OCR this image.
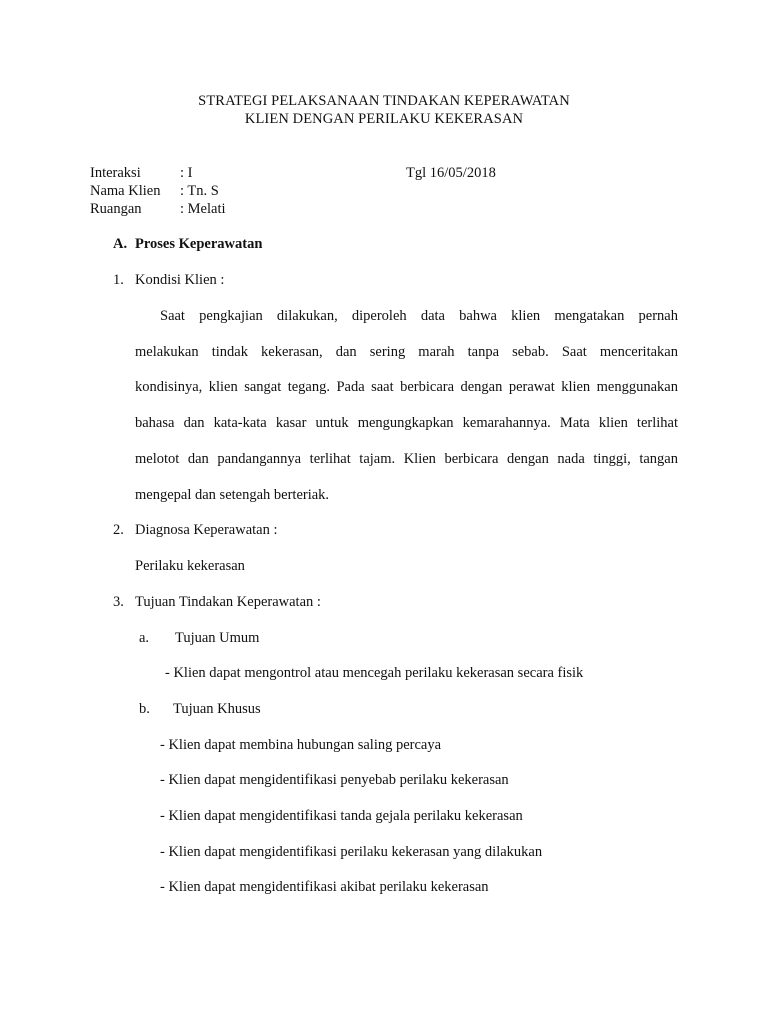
STRATEGI PELAKSANAAN TINDAKAN KEPERAWATAN
KLIEN DENGAN PERILAKU KEKERASAN
Interaksi	: I	Tgl 16/05/2018
Nama Klien : Tn. S
Ruangan	: Melati
A. Proses Keperawatan
1. Kondisi Klien :
Saat pengkajian dilakukan, diperoleh data bahwa klien mengatakan pernah
melakukan tindak kekerasan, dan sering marah tanpa sebab. Saat menceritakan
kondisinya, klien sangat tegang. Pada saat berbicara dengan perawat klien menggunakan
bahasa dan kata-kata kasar untuk mengungkapkan kemarahannya. Mata klien terlihat
melotot dan pandangannya terlihat tajam. Klien berbicara dengan nada tinggi, tangan
mengepal dan setengah berteriak.
2. Diagnosa Keperawatan :
Perilaku kekerasan
3. Tujuan Tindakan Keperawatan :
a. Tujuan Umum
- Klien dapat mengontrol atau mencegah perilaku kekerasan secara fisik
b. Tujuan Khusus
- Klien dapat membina hubungan saling percaya
- Klien dapat mengidentifikasi penyebab perilaku kekerasan
- Klien dapat mengidentifikasi tanda gejala perilaku kekerasan
- Klien dapat mengidentifikasi perilaku kekerasan yang dilakukan
- Klien dapat mengidentifikasi akibat perilaku kekerasan
